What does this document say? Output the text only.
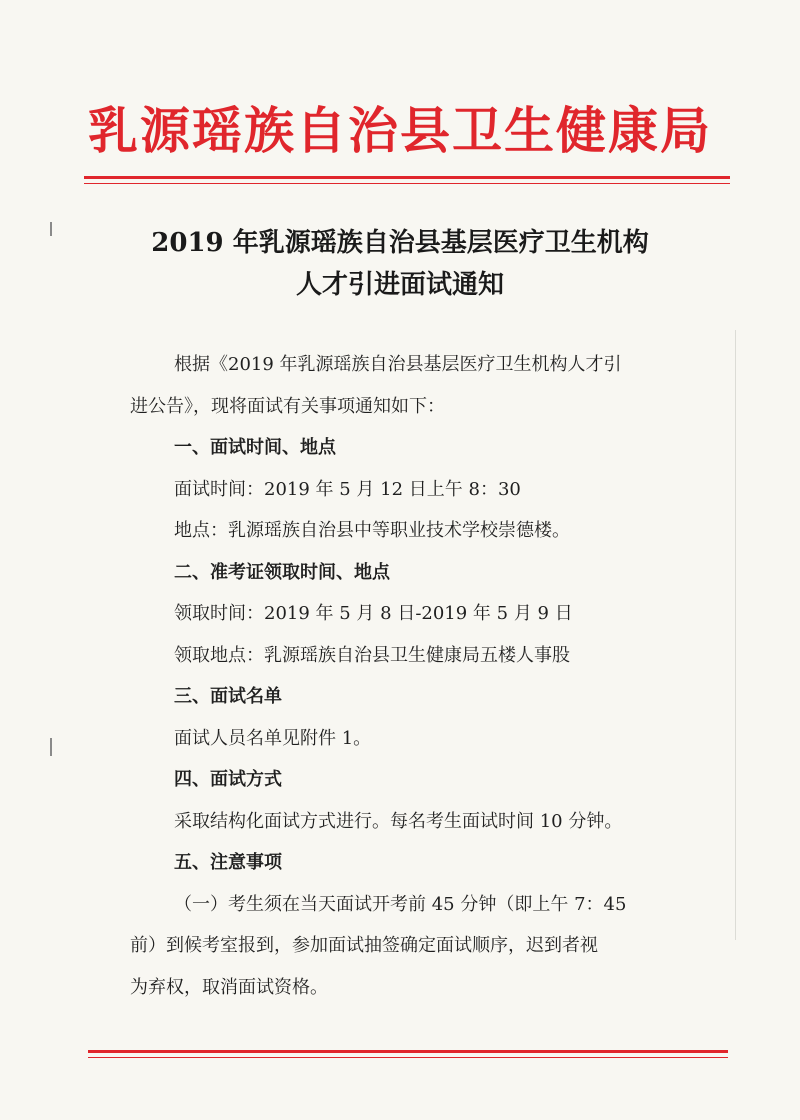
乳源瑶族自治县卫生健康局
2019 年乳源瑶族自治县基层医疗卫生机构
人才引进面试通知

根据《2019 年乳源瑶族自治县基层医疗卫生机构人才引

进公告》，现将面试有关事项通知如下：

一、面试时间、地点

面试时间：2019 年 5 月 12 日上午 8：30

地点：乳源瑶族自治县中等职业技术学校崇德楼。

二、准考证领取时间、地点

领取时间：2019 年 5 月 8 日-2019 年 5 月 9 日

领取地点：乳源瑶族自治县卫生健康局五楼人事股

三、面试名单

面试人员名单见附件 1。

四、面试方式

采取结构化面试方式进行。每名考生面试时间 10 分钟。

五、注意事项

（一）考生须在当天面试开考前 45 分钟（即上午 7：45

前）到候考室报到，参加面试抽签确定面试顺序，迟到者视

为弃权，取消面试资格。
